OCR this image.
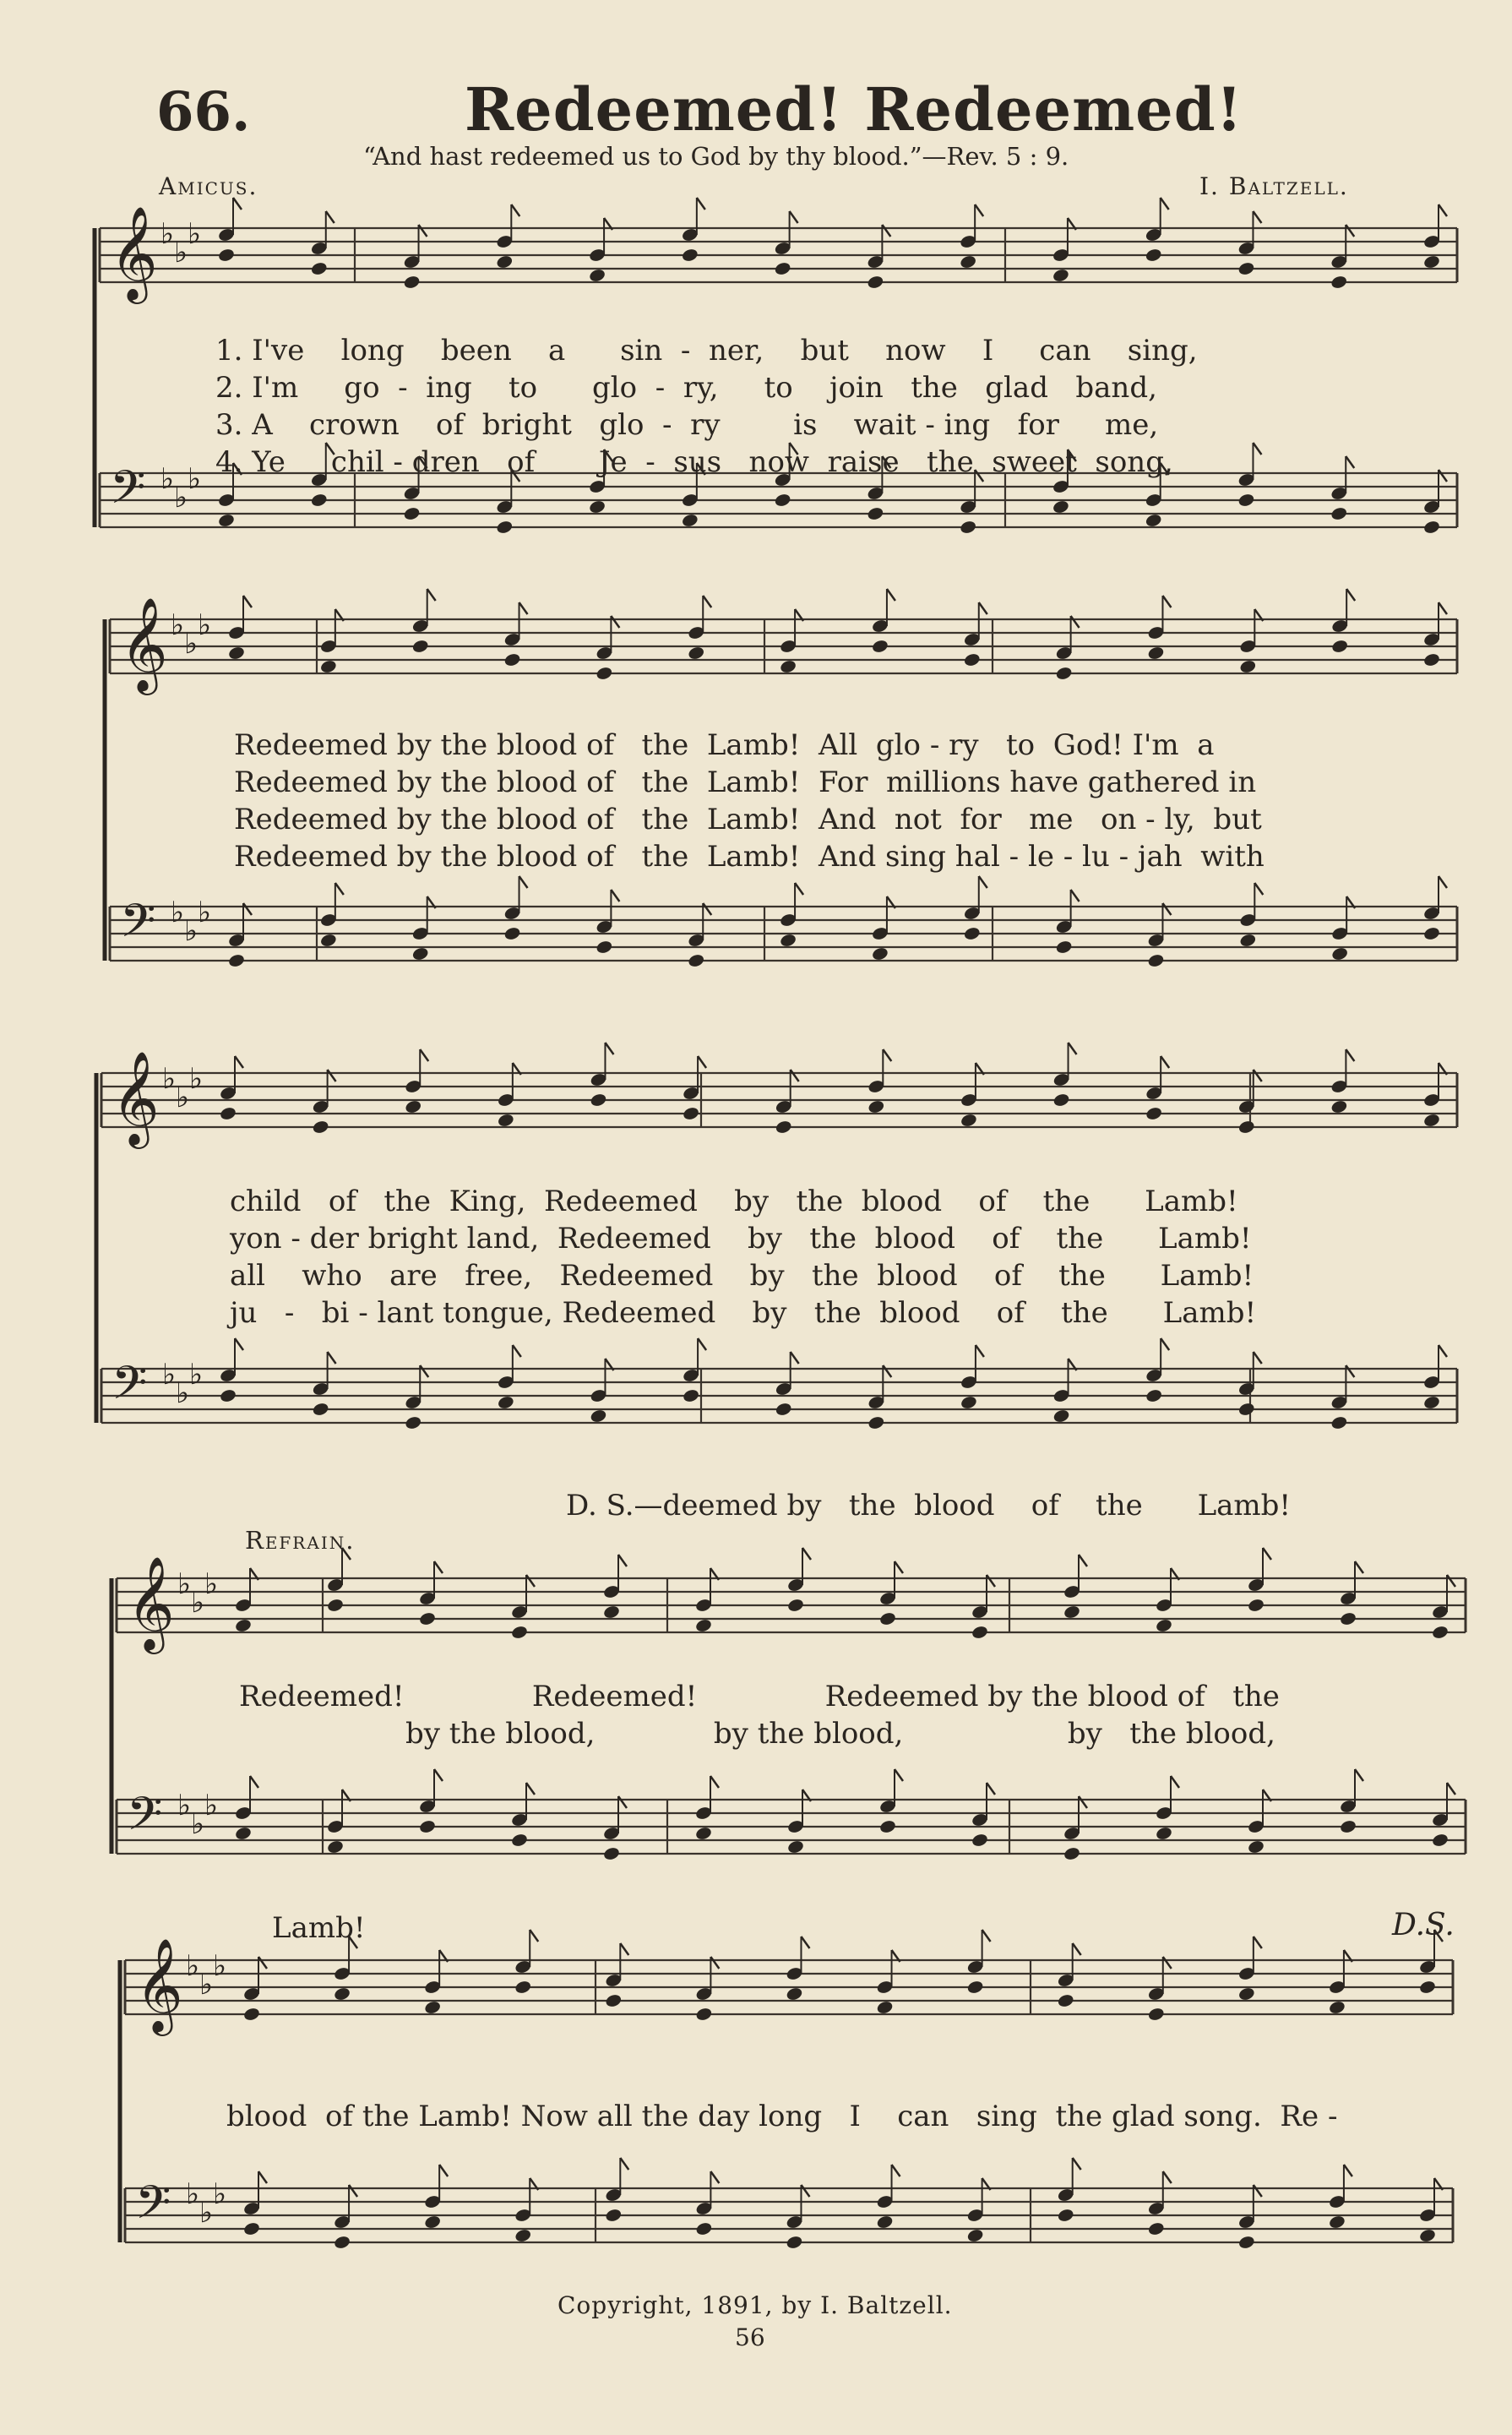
66.	Redeemed! Redeemed!
“And hast redeemed us to God by thy blood.”—Rev. 5 : 9.
Amicus.	I. Baltzell.
𝄞 ♭
♭
♭
𝄢 ♭
♭
♭
𝄞 ♭
♭
♭
𝄢 ♭
♭
♭
𝄞 ♭
♭
♭
𝄢 ♭
♭
♭
𝄞 ♭
♭
♭
𝄢 ♭
♭
♭
𝄞 ♭
♭
♭
𝄢 ♭
♭
♭
1. I've    long    been    a      sin  -  ner,    but    now    I     can    sing,
2. I'm     go  -  ing    to      glo  -  ry,     to    join   the   glad   band,
3. A    crown    of  bright   glo  -  ry        is    wait - ing   for     me,
4. Ye     chil - dren   of       Je  -  sus   now  raise   the  sweet  song,
Redeemed by the blood of   the  Lamb!  All  glo - ry   to  God! I'm  a
Redeemed by the blood of   the  Lamb!  For  millions have gathered in
Redeemed by the blood of   the  Lamb!  And  not  for   me   on - ly,  but
Redeemed by the blood of   the  Lamb!  And sing hal - le - lu - jah  with
child   of   the  King,  Redeemed    by   the  blood    of    the      Lamb!
yon - der bright land,  Redeemed    by   the  blood    of    the      Lamb!
all    who   are   free,   Redeemed    by   the  blood    of    the      Lamb!
ju   -   bi - lant tongue, Redeemed    by   the  blood    of    the      Lamb!
D. S.—deemed by   the  blood    of    the      Lamb!
Refrain.
Redeemed!              Redeemed!              Redeemed by the blood of   the
by the blood,             by the blood,                  by   the blood,
Lamb!
blood  of the Lamb! Now all the day long   I    can   sing  the glad song.  Re -
D.S.
Copyright, 1891, by I. Baltzell.
56
